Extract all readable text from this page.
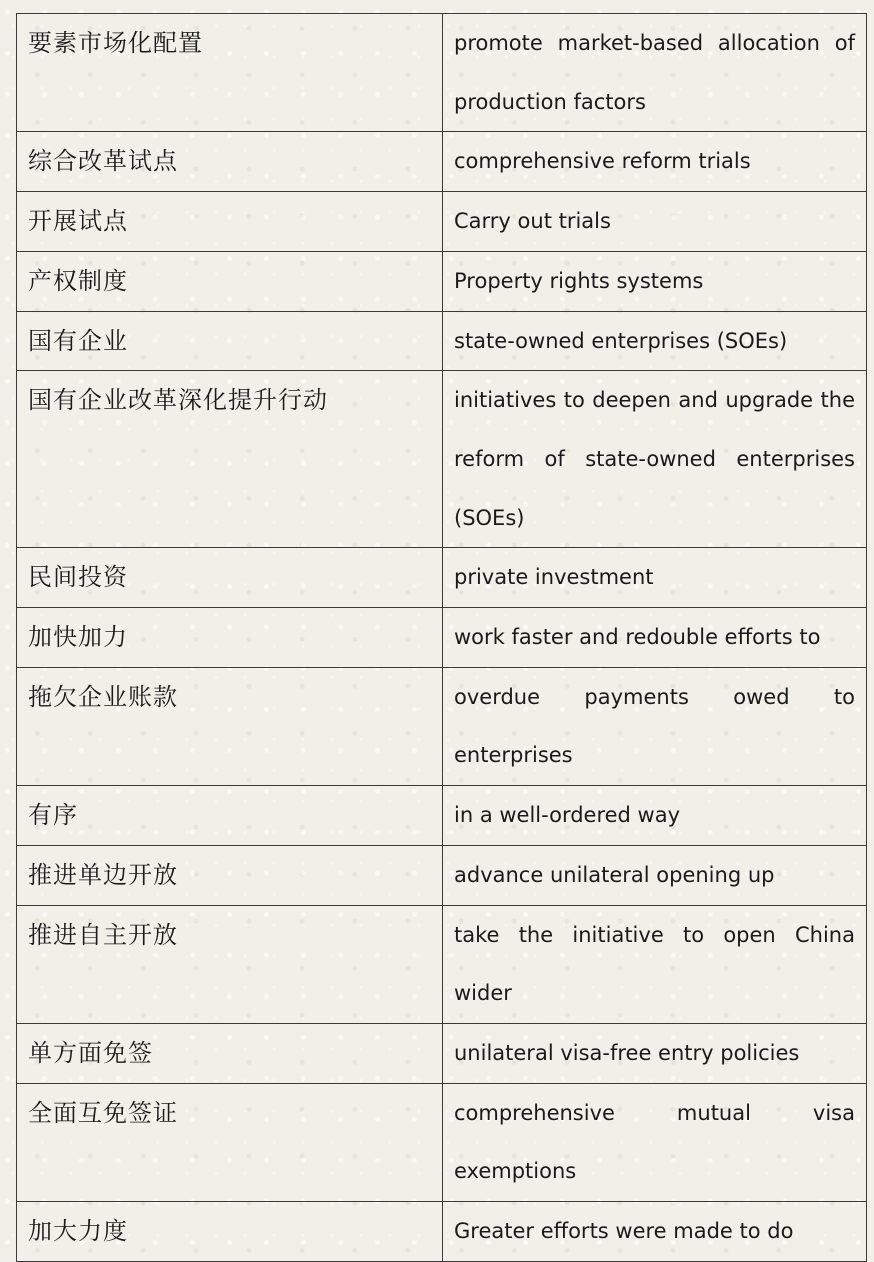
要素市场化配置	promote market-based allocation of production factors
综合改革试点	comprehensive reform trials
开展试点	Carry out trials
产权制度	Property rights systems
国有企业	state-owned enterprises (SOEs)
国有企业改革深化提升行动	initiatives to deepen and upgrade the reform of state-owned enterprises (SOEs)
民间投资	private investment
加快加力	work faster and redouble efforts to
拖欠企业账款	overdue payments owed to enterprises
有序	in a well-ordered way
推进单边开放	advance unilateral opening up
推进自主开放	take the initiative to open China wider
单方面免签	unilateral visa-free entry policies
全面互免签证	comprehensive mutual visa exemptions
加大力度	Greater efforts were made to do
